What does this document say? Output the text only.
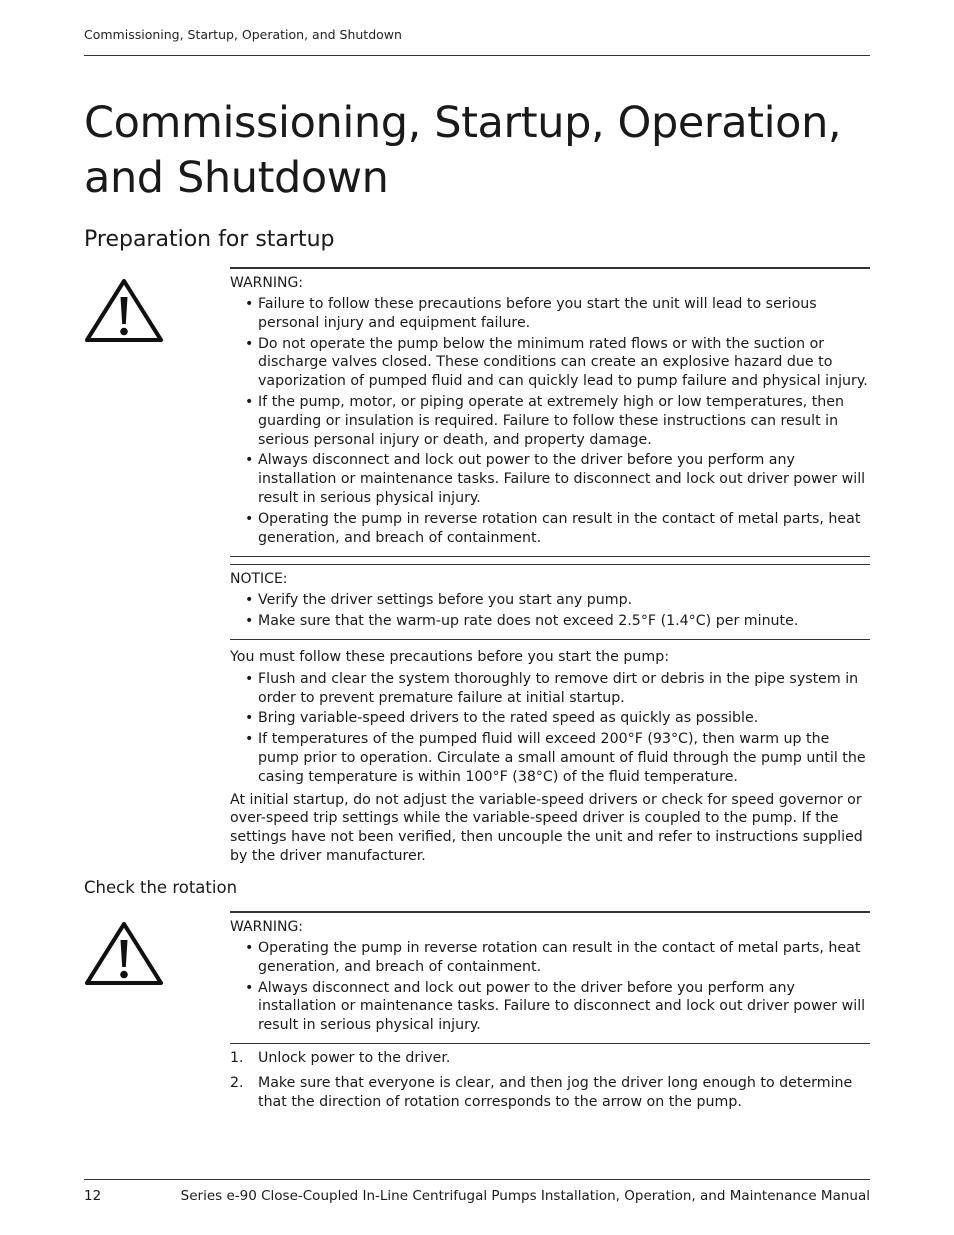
Commissioning, Startup, Operation, and Shutdown
Commissioning, Startup, Operation, and Shutdown
Preparation for startup

WARNING:

• Failure to follow these precautions before you start the unit will lead to serious personal injury and equipment failure.
• Do not operate the pump below the minimum rated flows or with the suction or discharge valves closed. These conditions can create an explosive hazard due to vaporization of pumped fluid and can quickly lead to pump failure and physical injury.
• If the pump, motor, or piping operate at extremely high or low temperatures, then guarding or insulation is required. Failure to follow these instructions can result in serious personal injury or death, and property damage.
• Always disconnect and lock out power to the driver before you perform any installation or maintenance tasks. Failure to disconnect and lock out driver power will result in serious physical injury.
• Operating the pump in reverse rotation can result in the contact of metal parts, heat generation, and breach of containment.

NOTICE:

• Verify the driver settings before you start any pump.
• Make sure that the warm-up rate does not exceed 2.5°F (1.4°C) per minute.

You must follow these precautions before you start the pump:

• Flush and clear the system thoroughly to remove dirt or debris in the pipe system in order to prevent premature failure at initial startup.
• Bring variable-speed drivers to the rated speed as quickly as possible.
• If temperatures of the pumped fluid will exceed 200°F (93°C), then warm up the pump prior to operation. Circulate a small amount of fluid through the pump until the casing temperature is within 100°F (38°C) of the fluid temperature.

At initial startup, do not adjust the variable-speed drivers or check for speed governor or over-speed trip settings while the variable-speed driver is coupled to the pump. If the settings have not been verified, then uncouple the unit and refer to instructions supplied by the driver manufacturer.

Check the rotation

WARNING:

• Operating the pump in reverse rotation can result in the contact of metal parts, heat generation, and breach of containment.
• Always disconnect and lock out power to the driver before you perform any installation or maintenance tasks. Failure to disconnect and lock out driver power will result in serious physical injury.
1. Unlock power to the driver.
2. Make sure that everyone is clear, and then jog the driver long enough to determine that the direction of rotation corresponds to the arrow on the pump.
12	Series e-90 Close-Coupled In-Line Centrifugal Pumps Installation, Operation, and Maintenance Manual
